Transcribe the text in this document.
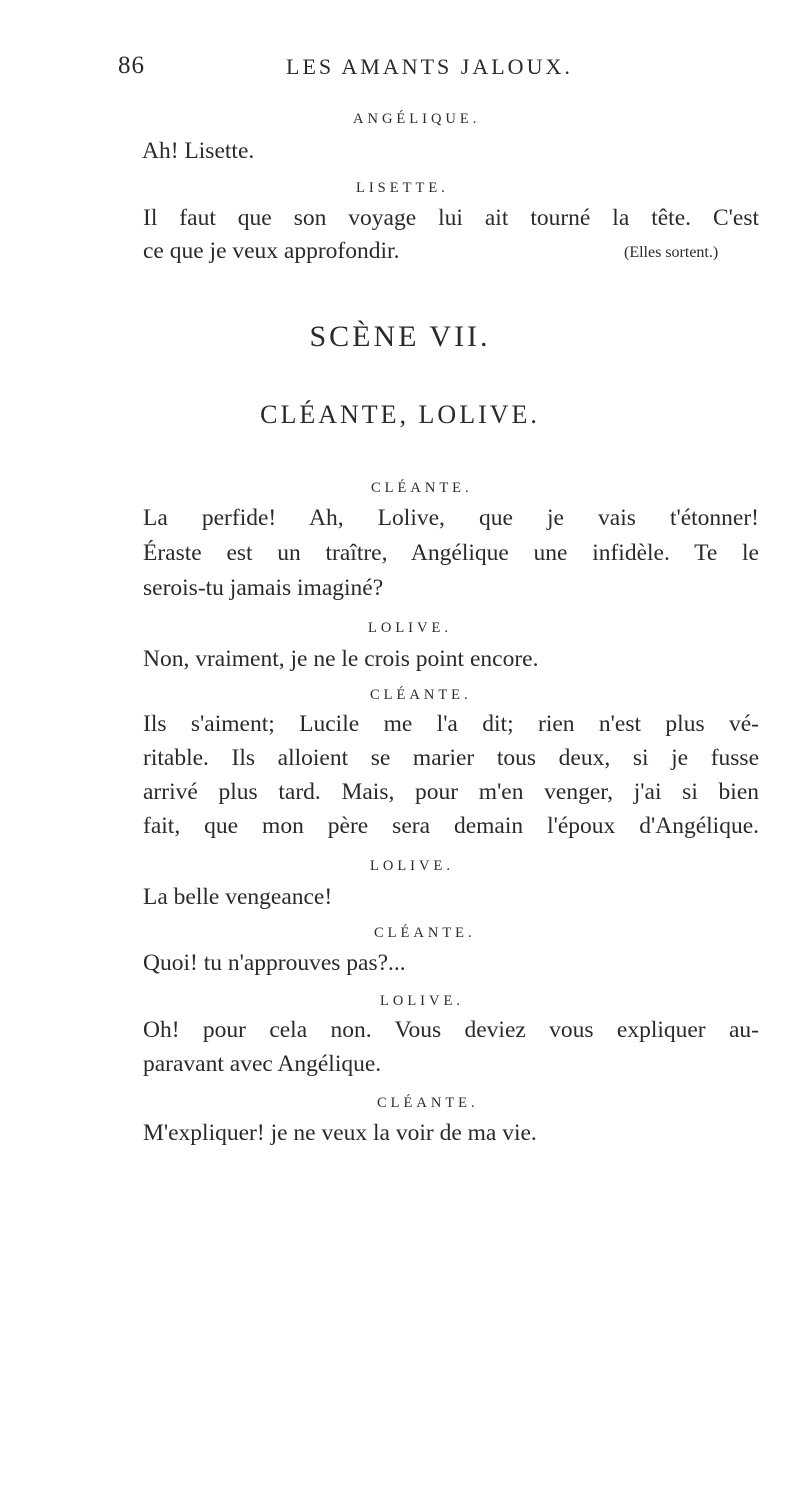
86	LES AMANTS JALOUX.
ANGÉLIQUE.
Ah! Lisette.
LISETTE.
Il faut que son voyage lui ait tourné la tête. C'est
ce que je veux approfondir.	(Elles sortent.)
SCÈNE VII.
CLÉANTE, LOLIVE.
CLÉANTE.
La perfide! Ah, Lolive, que je vais t'étonner!
Éraste est un traître, Angélique une infidèle. Te le
serois-tu jamais imaginé?
LOLIVE.
Non, vraiment, je ne le crois point encore.
CLÉANTE.
Ils s'aiment; Lucile me l'a dit; rien n'est plus vé-
ritable. Ils alloient se marier tous deux, si je fusse
arrivé plus tard. Mais, pour m'en venger, j'ai si bien
fait, que mon père sera demain l'époux d'Angélique.
LOLIVE.
La belle vengeance!
CLÉANTE.
Quoi! tu n'approuves pas?...
LOLIVE.
Oh! pour cela non. Vous deviez vous expliquer au-
paravant avec Angélique.
CLÉANTE.
M'expliquer! je ne veux la voir de ma vie.
